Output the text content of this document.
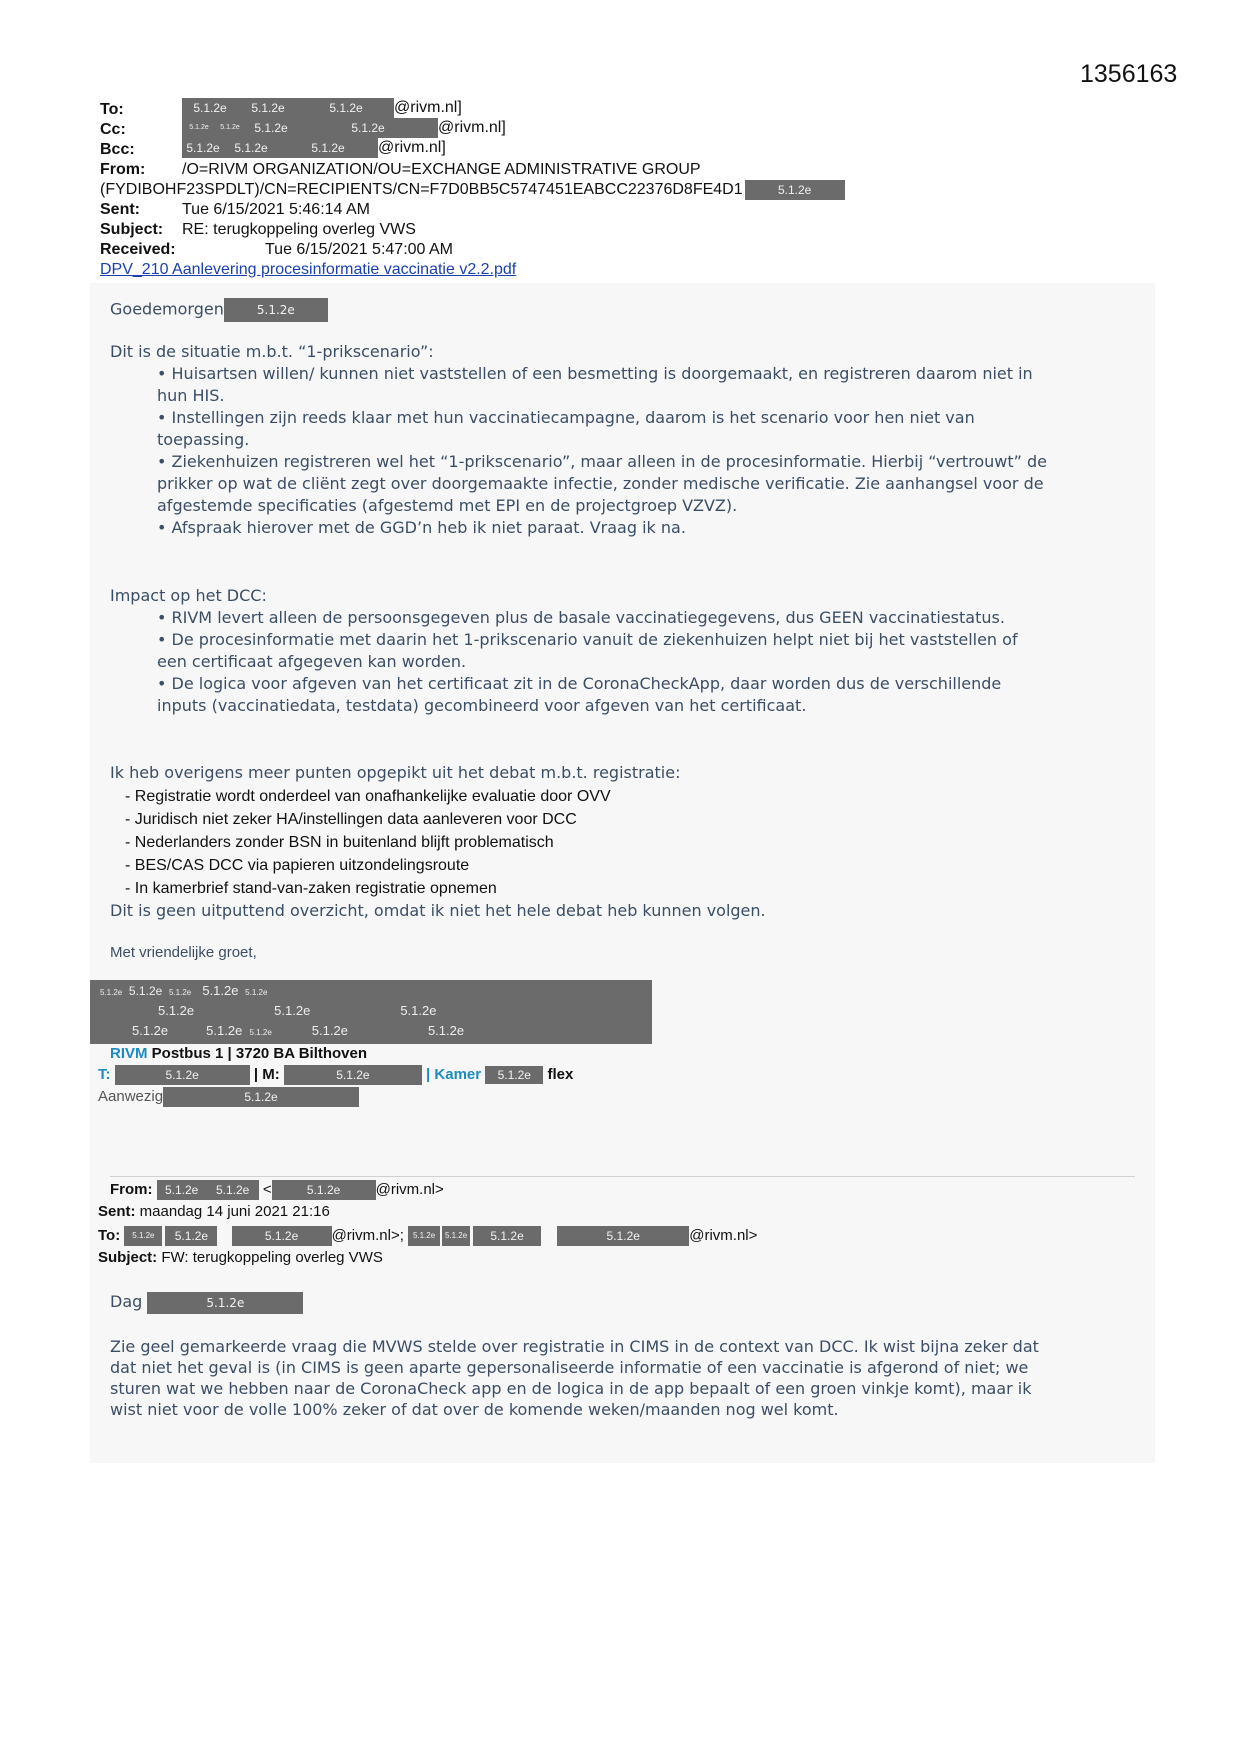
1356163
To:	5.1.2e 5.1.2e	5.1.2e @rivm.nl]
Cc:	5.1.2e 5.1.2e 5.1.2e	5.1.2e	@rivm.nl]
Bcc:	5.1.2e 5.1.2e	5.1.2e @rivm.nl]
From: /O=RIVM ORGANIZATION/OU=EXCHANGE ADMINISTRATIVE GROUP
(FYDIBOHF23SPDLT)/CN=RECIPIENTS/CN=F7D0BB5C5747451EABCC22376D8FE4D1	5.1.2e
Sent:	Tue 6/15/2021 5:46:14 AM
Subject: RE: terugkoppeling overleg VWS
Received:	Tue 6/15/2021 5:47:00 AM
DPV_210 Aanlevering procesinformatie vaccinatie v2.2.pdf
Goedemorgen	5.1.2e
Dit is de situatie m.b.t. “1-prikscenario”:
• Huisartsen willen/ kunnen niet vaststellen of een besmetting is doorgemaakt, en registreren daarom niet in
hun HIS.
• Instellingen zijn reeds klaar met hun vaccinatiecampagne, daarom is het scenario voor hen niet van
toepassing.
• Ziekenhuizen registreren wel het “1-prikscenario”, maar alleen in de procesinformatie. Hierbij “vertrouwt” de
prikker op wat de cliënt zegt over doorgemaakte infectie, zonder medische verificatie. Zie aanhangsel voor de
afgestemde specificaties (afgestemd met EPI en de projectgroep VZVZ).
• Afspraak hierover met de GGD’n heb ik niet paraat. Vraag ik na.
Impact op het DCC:
• RIVM levert alleen de persoonsgegeven plus de basale vaccinatiegegevens, dus GEEN vaccinatiestatus.
• De procesinformatie met daarin het 1-prikscenario vanuit de ziekenhuizen helpt niet bij het vaststellen of
een certificaat afgegeven kan worden.
• De logica voor afgeven van het certificaat zit in de CoronaCheckApp, daar worden dus de verschillende
inputs (vaccinatiedata, testdata) gecombineerd voor afgeven van het certificaat.
Ik heb overigens meer punten opgepikt uit het debat m.b.t. registratie:
- Registratie wordt onderdeel van onafhankelijke evaluatie door OVV
- Juridisch niet zeker HA/instellingen data aanleveren voor DCC
- Nederlanders zonder BSN in buitenland blijft problematisch
- BES/CAS DCC via papieren uitzondelingsroute
- In kamerbrief stand-van-zaken registratie opnemen
Dit is geen uitputtend overzicht, omdat ik niet het hele debat heb kunnen volgen.
Met vriendelijke groet,
5.1.2e 5.1.2e 5.1.2e 5.1.2e 5.1.2e
5.1.2e	5.1.2e	5.1.2e
5.1.2e	5.1.2e 5.1.2e	5.1.2e	5.1.2e
RIVM Postbus 1 | 3720 BA Bilthoven
T:	5.1.2e	| M:	5.1.2e	| Kamer 5.1.2e flex
Aanwezig	5.1.2e
From: 5.1.2e 5.1.2e <	5.1.2e @rivm.nl>
Sent: maandag 14 juni 2021 21:16
To: 5.1.2e 5.1.2e	5.1.2e @rivm.nl>; 5.1.2e 5.1.2e 5.1.2e	5.1.2e	@rivm.nl>
Subject: FW: terugkoppeling overleg VWS
Dag	5.1.2e
Zie geel gemarkeerde vraag die MVWS stelde over registratie in CIMS in de context van DCC. Ik wist bijna zeker dat
dat niet het geval is (in CIMS is geen aparte gepersonaliseerde informatie of een vaccinatie is afgerond of niet; we
sturen wat we hebben naar de CoronaCheck app en de logica in de app bepaalt of een groen vinkje komt), maar ik
wist niet voor de volle 100% zeker of dat over de komende weken/maanden nog wel komt.
